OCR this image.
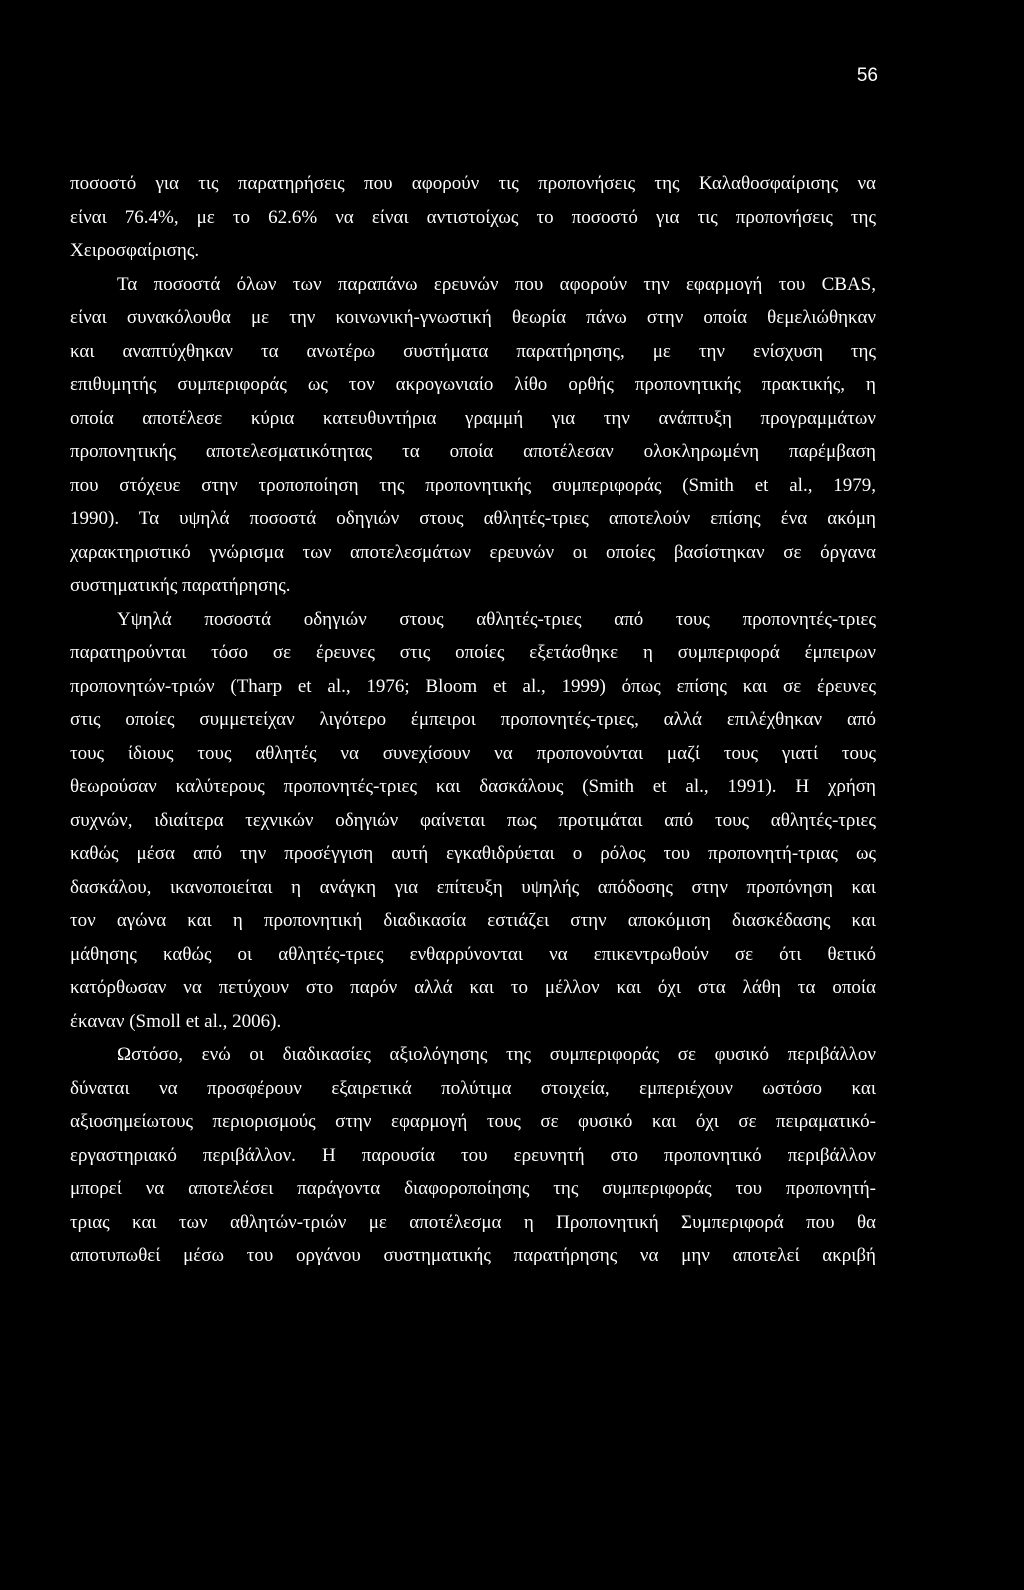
56
ποσοστό για τις παρατηρήσεις που αφορούν τις προπονήσεις της Καλαθοσφαίρισης να
είναι 76.4%, με το 62.6% να είναι αντιστοίχως το ποσοστό για τις προπονήσεις της
Χειροσφαίρισης.
Τα ποσοστά όλων των παραπάνω ερευνών που αφορούν την εφαρμογή του CBAS,
είναι συνακόλουθα με την κοινωνική-γνωστική θεωρία πάνω στην οποία θεμελιώθηκαν
και αναπτύχθηκαν τα ανωτέρω συστήματα παρατήρησης, με την ενίσχυση της
επιθυμητής συμπεριφοράς ως τον ακρογωνιαίο λίθο ορθής προπονητικής πρακτικής, η
οποία αποτέλεσε κύρια κατευθυντήρια γραμμή για την ανάπτυξη προγραμμάτων
προπονητικής αποτελεσματικότητας τα οποία αποτέλεσαν ολοκληρωμένη παρέμβαση
που στόχευε στην τροποποίηση της προπονητικής συμπεριφοράς (Smith et al., 1979,
1990). Τα υψηλά ποσοστά οδηγιών στους αθλητές-τριες αποτελούν επίσης ένα ακόμη
χαρακτηριστικό γνώρισμα των αποτελεσμάτων ερευνών οι οποίες βασίστηκαν σε όργανα
συστηματικής παρατήρησης.
Υψηλά ποσοστά οδηγιών στους αθλητές-τριες από τους προπονητές-τριες
παρατηρούνται τόσο σε έρευνες στις οποίες εξετάσθηκε η συμπεριφορά έμπειρων
προπονητών-τριών (Tharp et al., 1976; Bloom et al., 1999) όπως επίσης και σε έρευνες
στις οποίες συμμετείχαν λιγότερο έμπειροι προπονητές-τριες, αλλά επιλέχθηκαν από
τους ίδιους τους αθλητές να συνεχίσουν να προπονούνται μαζί τους γιατί τους
θεωρούσαν καλύτερους προπονητές-τριες και δασκάλους (Smith et al., 1991). Η χρήση
συχνών, ιδιαίτερα τεχνικών οδηγιών φαίνεται πως προτιμάται από τους αθλητές-τριες
καθώς μέσα από την προσέγγιση αυτή εγκαθιδρύεται ο ρόλος του προπονητή-τριας ως
δασκάλου, ικανοποιείται η ανάγκη για επίτευξη υψηλής απόδοσης στην προπόνηση και
τον αγώνα και η προπονητική διαδικασία εστιάζει στην αποκόμιση διασκέδασης και
μάθησης καθώς οι αθλητές-τριες ενθαρρύνονται να επικεντρωθούν σε ότι θετικό
κατόρθωσαν να πετύχουν στο παρόν αλλά και το μέλλον και όχι στα λάθη τα οποία
έκαναν (Smoll et al., 2006).
Ωστόσο, ενώ οι διαδικασίες αξιολόγησης της συμπεριφοράς σε φυσικό περιβάλλον
δύναται να προσφέρουν εξαιρετικά πολύτιμα στοιχεία, εμπεριέχουν ωστόσο και
αξιοσημείωτους περιορισμούς στην εφαρμογή τους σε φυσικό και όχι σε πειραματικό-
εργαστηριακό περιβάλλον. Η παρουσία του ερευνητή στο προπονητικό περιβάλλον
μπορεί να αποτελέσει παράγοντα διαφοροποίησης της συμπεριφοράς του προπονητή-
τριας και των αθλητών-τριών με αποτέλεσμα η Προπονητική Συμπεριφορά που θα
αποτυπωθεί μέσω του οργάνου συστηματικής παρατήρησης να μην αποτελεί ακριβή
